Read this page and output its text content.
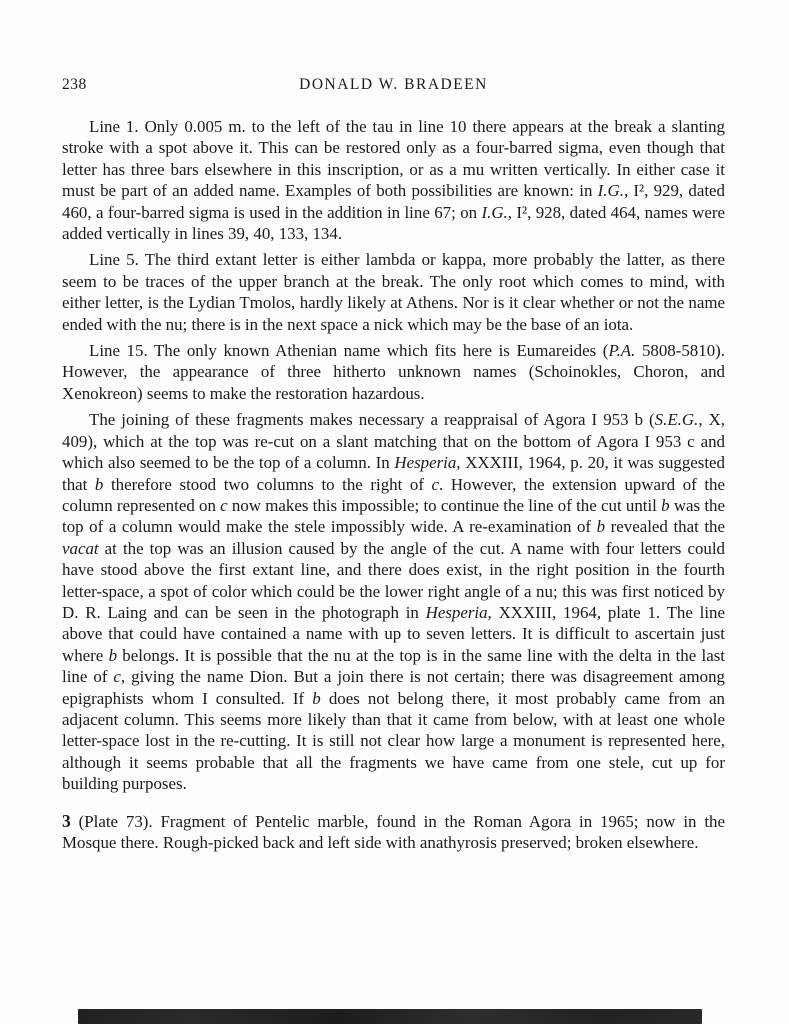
238	DONALD W. BRADEEN

Line 1. Only 0.005 m. to the left of the tau in line 10 there appears at the break a slanting stroke with a spot above it. This can be restored only as a four-barred sigma, even though that letter has three bars elsewhere in this inscription, or as a mu written vertically. In either case it must be part of an added name. Examples of both possibilities are known: in I.G., I², 929, dated 460, a four-barred sigma is used in the addition in line 67; on I.G., I², 928, dated 464, names were added vertically in lines 39, 40, 133, 134.

Line 5. The third extant letter is either lambda or kappa, more probably the latter, as there seem to be traces of the upper branch at the break. The only root which comes to mind, with either letter, is the Lydian Tmolos, hardly likely at Athens. Nor is it clear whether or not the name ended with the nu; there is in the next space a nick which may be the base of an iota.

Line 15. The only known Athenian name which fits here is Eumareides (P.A. 5808-5810). However, the appearance of three hitherto unknown names (Schoinokles, Choron, and Xenokreon) seems to make the restoration hazardous.

The joining of these fragments makes necessary a reappraisal of Agora I 953 b (S.E.G., X, 409), which at the top was re-cut on a slant matching that on the bottom of Agora I 953 c and which also seemed to be the top of a column. In Hesperia, XXXIII, 1964, p. 20, it was suggested that b therefore stood two columns to the right of c. However, the extension upward of the column represented on c now makes this impossible; to continue the line of the cut until b was the top of a column would make the stele impossibly wide. A re-examination of b revealed that the vacat at the top was an illusion caused by the angle of the cut. A name with four letters could have stood above the first extant line, and there does exist, in the right position in the fourth letter-space, a spot of color which could be the lower right angle of a nu; this was first noticed by D. R. Laing and can be seen in the photograph in Hesperia, XXXIII, 1964, plate 1. The line above that could have contained a name with up to seven letters. It is difficult to ascertain just where b belongs. It is possible that the nu at the top is in the same line with the delta in the last line of c, giving the name Dion. But a join there is not certain; there was disagreement among epigraphists whom I consulted. If b does not belong there, it most probably came from an adjacent column. This seems more likely than that it came from below, with at least one whole letter-space lost in the re-cutting. It is still not clear how large a monument is represented here, although it seems probable that all the fragments we have came from one stele, cut up for building purposes.

3 (Plate 73). Fragment of Pentelic marble, found in the Roman Agora in 1965; now in the Mosque there. Rough-picked back and left side with anathyrosis preserved; broken elsewhere.
